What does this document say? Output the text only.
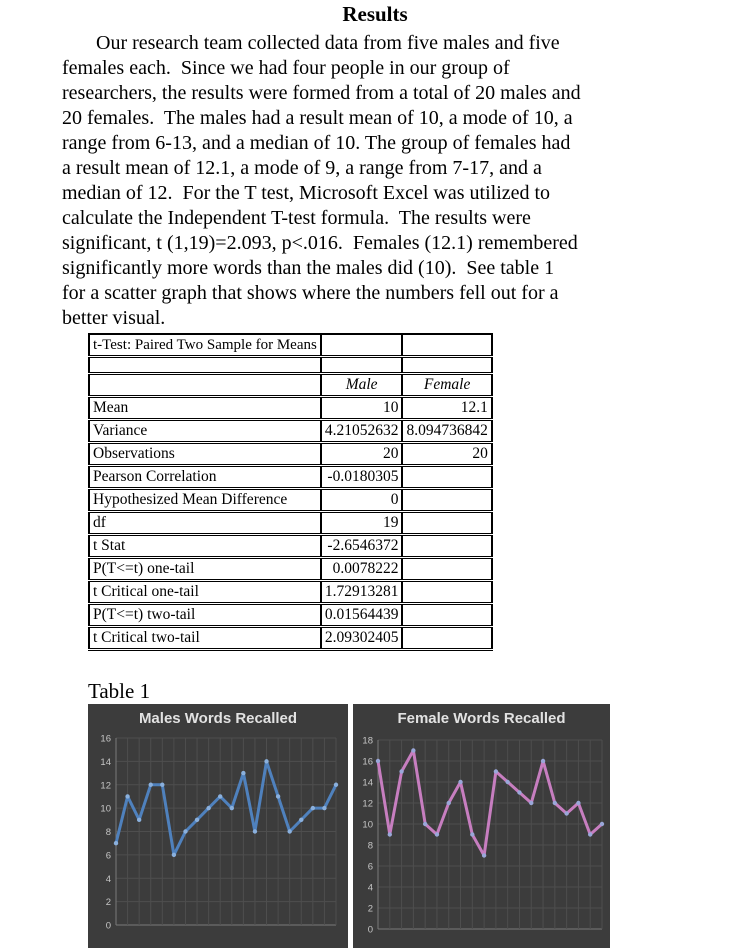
Results
Our research team collected data from five males and five
females each.  Since we had four people in our group of
researchers, the results were formed from a total of 20 males and
20 females.  The males had a result mean of 10, a mode of 10, a
range from 6-13, and a median of 10. The group of females had
a result mean of 12.1, a mode of 9, a range from 7-17, and a
median of 12.  For the T test, Microsoft Excel was utilized to
calculate the Independent T-test formula.  The results were
significant, t (1,19)=2.093, p<.016.  Females (12.1) remembered
significantly more words than the males did (10).  See table 1
for a scatter graph that shows where the numbers fell out for a
better visual.
t-Test: Paired Two Sample for Means		

	Male	Female
Mean	10	12.1
Variance	4.21052632	8.094736842
Observations	20	20
Pearson Correlation	-0.0180305	
Hypothesized Mean Difference	0	
df	19	
t Stat	-2.6546372	
P(T<=t) one-tail	0.0078222	
t Critical one-tail	1.72913281	
P(T<=t) two-tail	0.01564439	
t Critical two-tail	2.09302405	
Table 1
Males Words Recalled
0
2
4
6
8
10
12
14
16
Female Words Recalled
0
2
4
6
8
10
12
14
16
18
